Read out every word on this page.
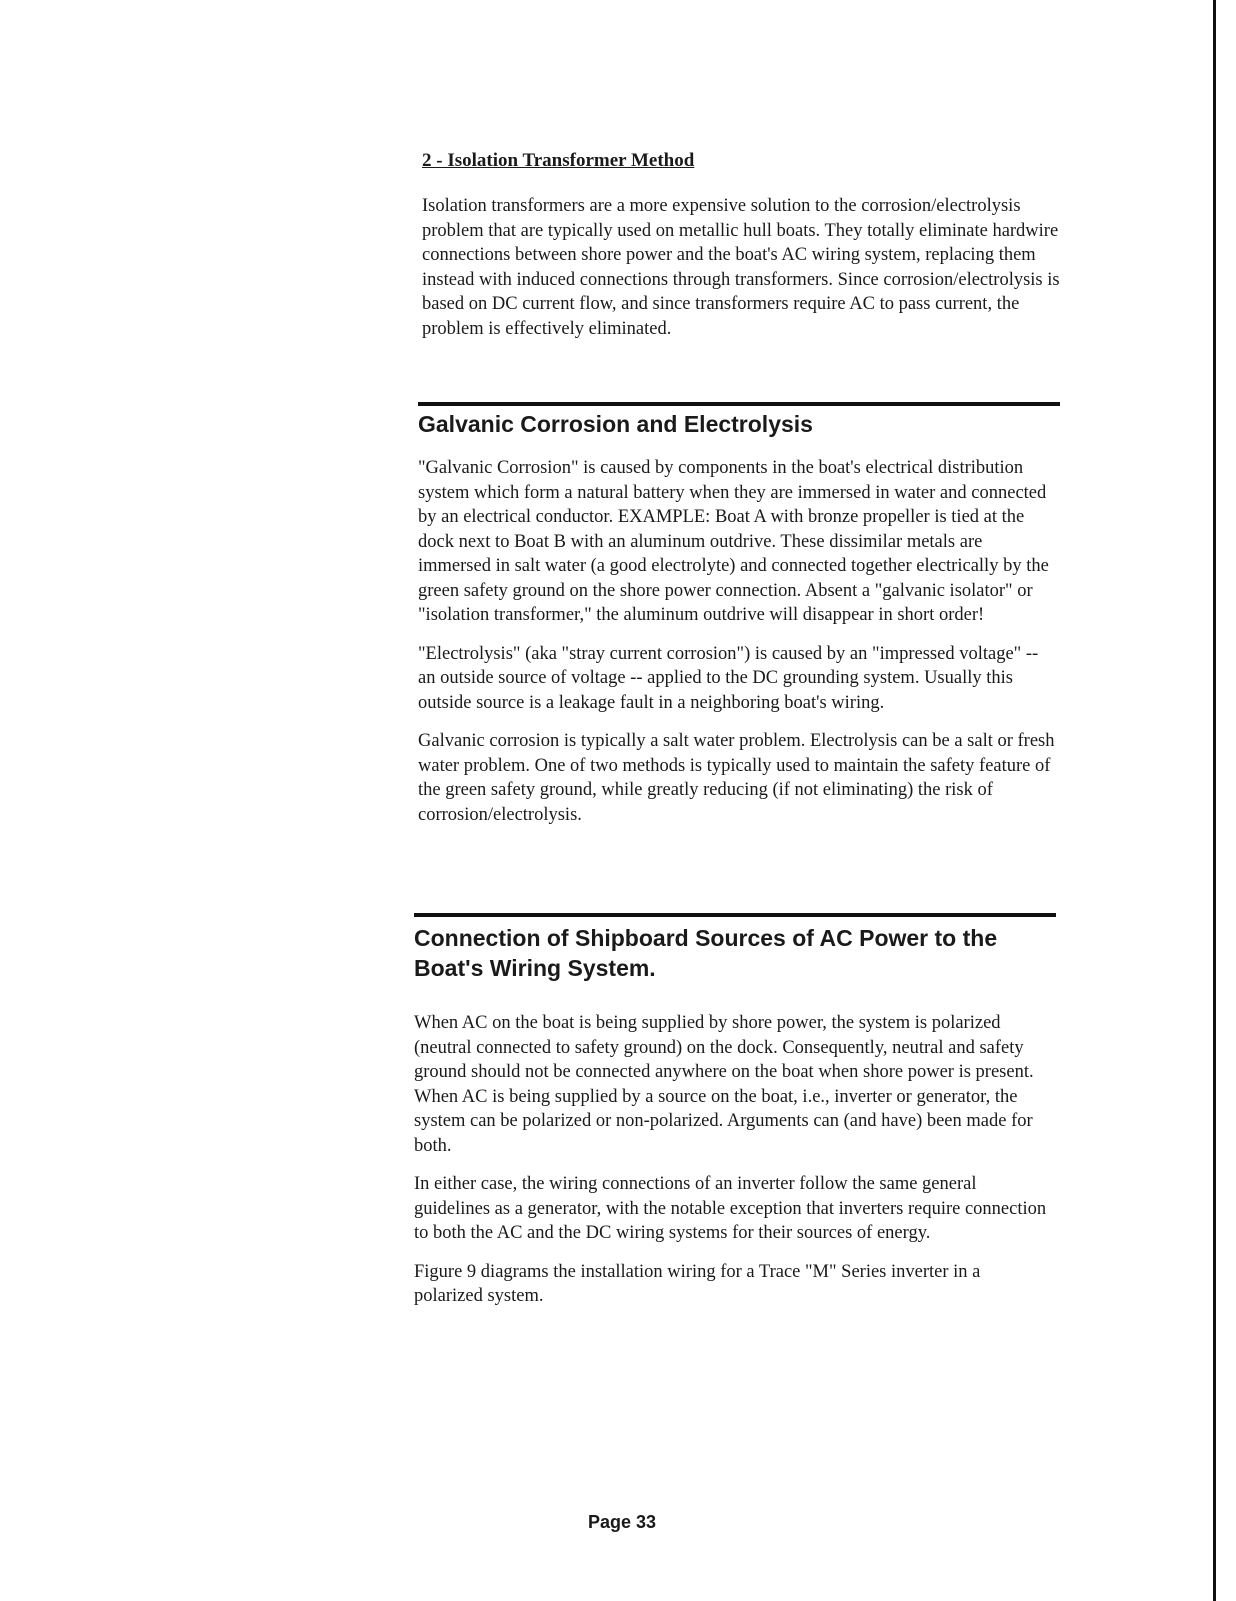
2 - Isolation Transformer Method

Isolation transformers are a more expensive solution to the corrosion/electrolysis problem that are typically used on metallic hull boats. They totally eliminate hardwire connections between shore power and the boat's AC wiring system, replacing them instead with induced connections through transformers. Since corrosion/electrolysis is based on DC current flow, and since transformers require AC to pass current, the problem is effectively eliminated.

Galvanic Corrosion and Electrolysis

"Galvanic Corrosion" is caused by components in the boat's electrical distribution system which form a natural battery when they are immersed in water and connected by an electrical conductor. EXAMPLE: Boat A with bronze propeller is tied at the dock next to Boat B with an aluminum outdrive. These dissimilar metals are immersed in salt water (a good electrolyte) and connected together electrically by the green safety ground on the shore power connection. Absent a "galvanic isolator" or "isolation transformer," the aluminum outdrive will disappear in short order!

"Electrolysis" (aka "stray current corrosion") is caused by an "impressed voltage" -- an outside source of voltage -- applied to the DC grounding system. Usually this outside source is a leakage fault in a neighboring boat's wiring.

Galvanic corrosion is typically a salt water problem. Electrolysis can be a salt or fresh water problem. One of two methods is typically used to maintain the safety feature of the green safety ground, while greatly reducing (if not eliminating) the risk of corrosion/electrolysis.

Connection of Shipboard Sources of AC Power to the
Boat's Wiring System.

When AC on the boat is being supplied by shore power, the system is polarized (neutral connected to safety ground) on the dock. Consequently, neutral and safety ground should not be connected anywhere on the boat when shore power is present. When AC is being supplied by a source on the boat, i.e., inverter or generator, the system can be polarized or non-polarized. Arguments can (and have) been made for both.

In either case, the wiring connections of an inverter follow the same general guidelines as a generator, with the notable exception that inverters require connection to both the AC and the DC wiring systems for their sources of energy.

Figure 9 diagrams the installation wiring for a Trace "M" Series inverter in a polarized system.

Page 33
